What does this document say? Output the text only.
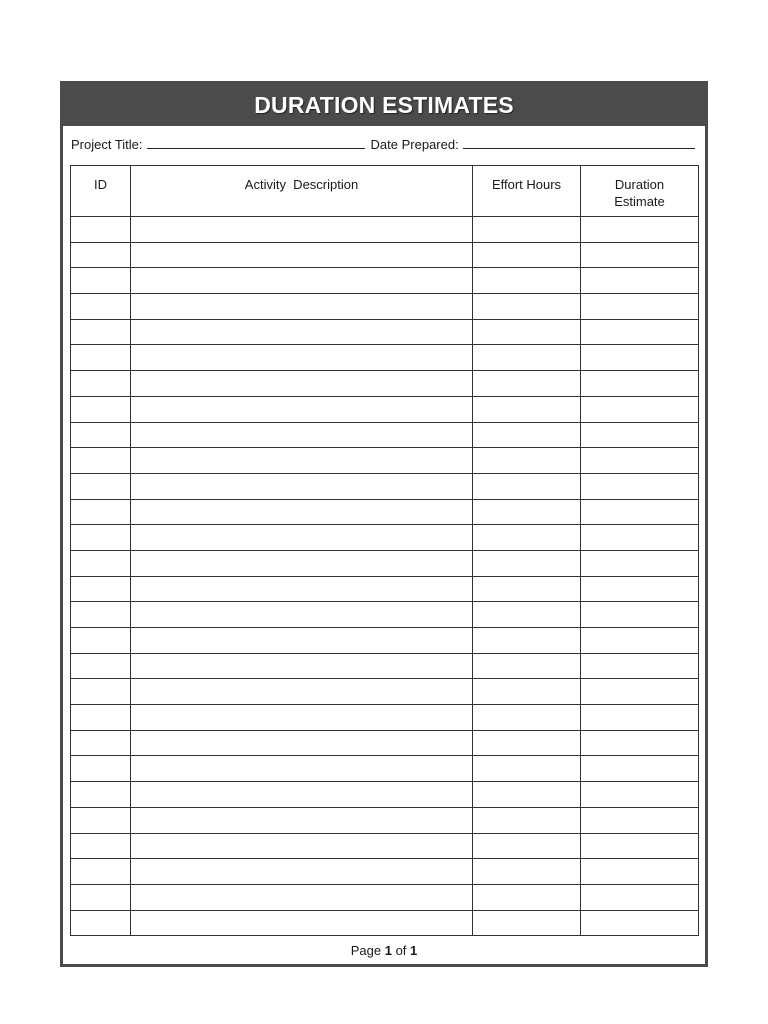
DURATION ESTIMATES
Project Title:	Date Prepared:
ID	Activity  Description	Effort Hours	Duration
Estimate

Page 1 of 1
